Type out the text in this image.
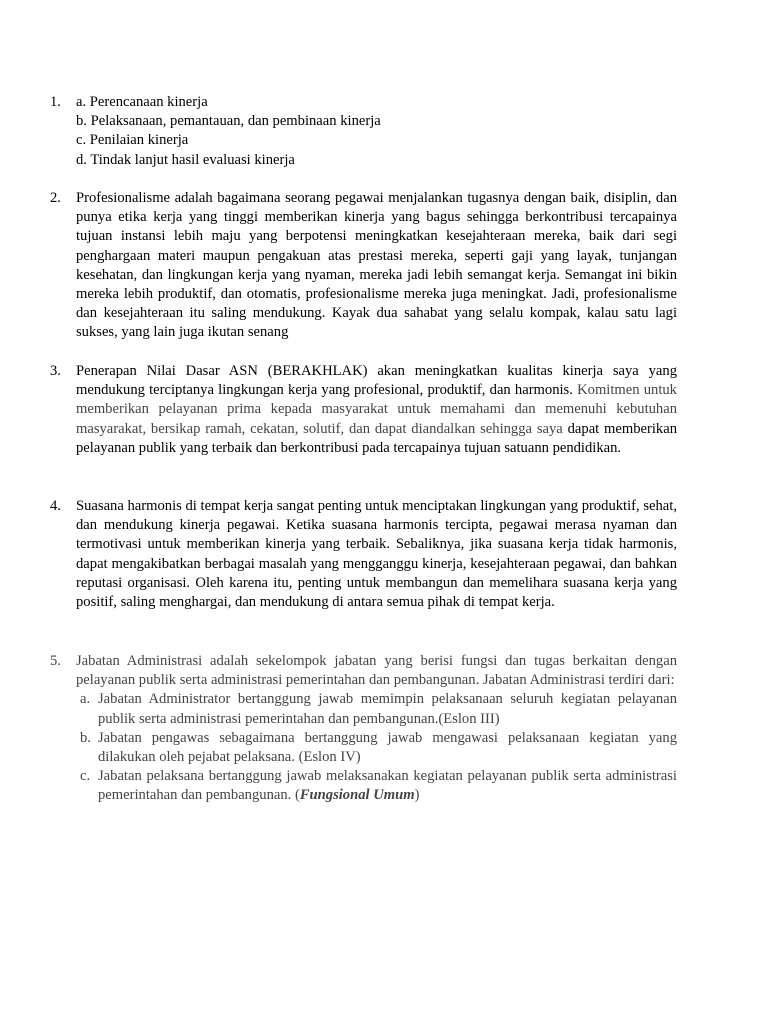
1.	a. Perencanaan kinerja
b. Pelaksanaan, pemantauan, dan pembinaan kinerja
c. Penilaian kinerja
d. Tindak lanjut hasil evaluasi kinerja
2.	Profesionalisme adalah bagaimana seorang pegawai menjalankan tugasnya dengan baik, disiplin, dan punya etika kerja yang tinggi memberikan kinerja yang bagus sehingga berkontribusi tercapainya tujuan instansi lebih maju yang berpotensi meningkatkan kesejahteraan mereka, baik dari segi penghargaan materi maupun pengakuan atas prestasi mereka, seperti gaji yang layak, tunjangan kesehatan, dan lingkungan kerja yang nyaman, mereka jadi lebih semangat kerja. Semangat ini bikin mereka lebih produktif, dan otomatis, profesionalisme mereka juga meningkat. Jadi, profesionalisme dan kesejahteraan itu saling mendukung. Kayak dua sahabat yang selalu kompak, kalau satu lagi sukses, yang lain juga ikutan senang
3.	Penerapan Nilai Dasar ASN (BERAKHLAK) akan meningkatkan kualitas kinerja saya yang mendukung terciptanya lingkungan kerja yang profesional, produktif, dan harmonis. Komitmen untuk memberikan pelayanan prima kepada masyarakat untuk memahami dan memenuhi kebutuhan masyarakat, bersikap ramah, cekatan, solutif, dan dapat diandalkan sehingga saya dapat memberikan pelayanan publik yang terbaik dan berkontribusi pada tercapainya tujuan satuann pendidikan.
4.	Suasana harmonis di tempat kerja sangat penting untuk menciptakan lingkungan yang produktif, sehat, dan mendukung kinerja pegawai. Ketika suasana harmonis tercipta, pegawai merasa nyaman dan termotivasi untuk memberikan kinerja yang terbaik. Sebaliknya, jika suasana kerja tidak harmonis, dapat mengakibatkan berbagai masalah yang mengganggu kinerja, kesejahteraan pegawai, dan bahkan reputasi organisasi. Oleh karena itu, penting untuk membangun dan memelihara suasana kerja yang positif, saling menghargai, dan mendukung di antara semua pihak di tempat kerja.
5.	Jabatan Administrasi adalah sekelompok jabatan yang berisi fungsi dan tugas berkaitan dengan pelayanan publik serta administrasi pemerintahan dan pembangunan. Jabatan Administrasi terdiri dari:
a. Jabatan Administrator bertanggung jawab memimpin pelaksanaan seluruh kegiatan pelayanan publik serta administrasi pemerintahan dan pembangunan.(Eslon III)
b. Jabatan pengawas sebagaimana bertanggung jawab mengawasi pelaksanaan kegiatan yang dilakukan oleh pejabat pelaksana. (Eslon IV)
c. Jabatan pelaksana bertanggung jawab melaksanakan kegiatan pelayanan publik serta administrasi pemerintahan dan pembangunan. (Fungsional Umum)
